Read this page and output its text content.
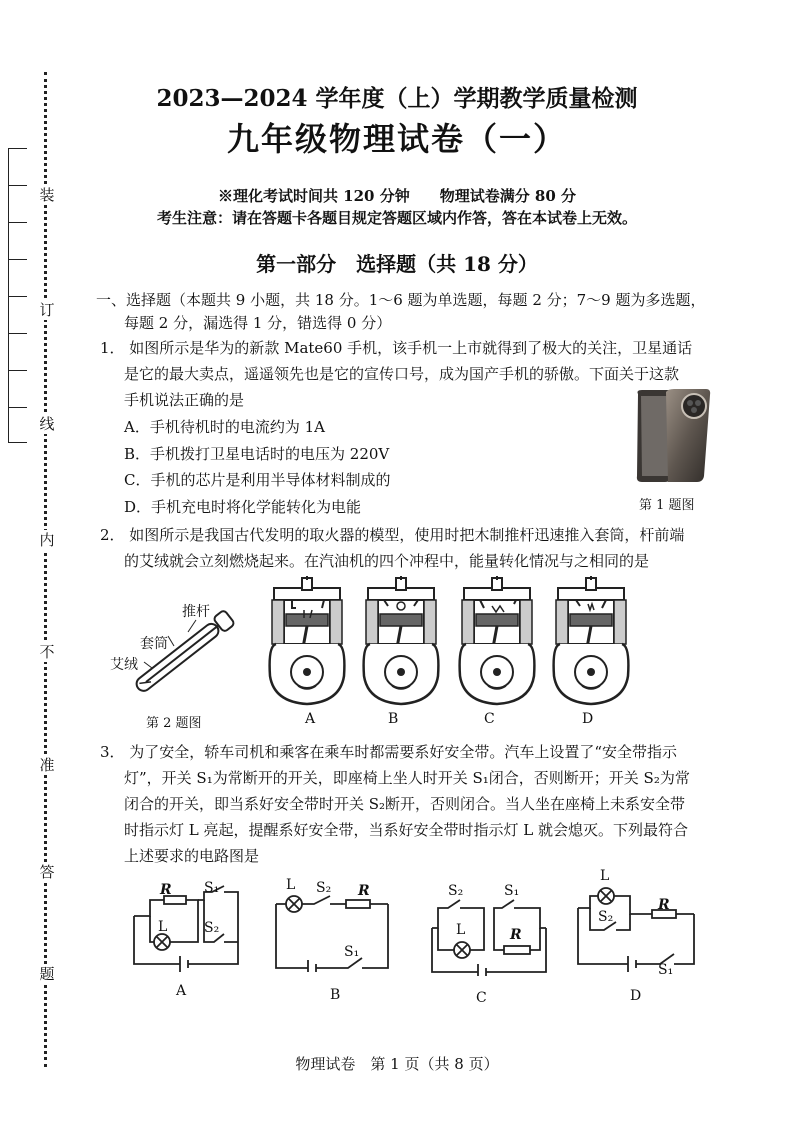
装
订
线
内
不
准
答
题
2023—2024 学年度（上）学期教学质量检测
九年级物理试卷（一）
※理化考试时间共 120 分钟　　物理试卷满分 80 分
考生注意：请在答题卡各题目规定答题区域内作答，答在本试卷上无效。
第一部分　选择题（共 18 分）
一、选择题（本题共 9 小题，共 18 分。1～6 题为单选题，每题 2 分；7～9 题为多选题，
每题 2 分，漏选得 1 分，错选得 0 分）
1． 如图所示是华为的新款 Mate60 手机，该手机一上市就得到了极大的关注，卫星通话
是它的最大卖点，遥遥领先也是它的宣传口号，成为国产手机的骄傲。下面关于这款
手机说法正确的是
A．手机待机时的电流约为 1A
B．手机拨打卫星电话时的电压为 220V
C．手机的芯片是利用半导体材料制成的
D．手机充电时将化学能转化为电能	第 1 题图
2． 如图所示是我国古代发明的取火器的模型，使用时把木制推杆迅速推入套筒，杆前端
的艾绒就会立刻燃烧起来。在汽油机的四个冲程中，能量转化情况与之相同的是
推杆
套筒
艾绒
第 2 题图	A	B	C	D
3． 为了安全，轿车司机和乘客在乘车时都需要系好安全带。汽车上设置了“安全带指示
灯”，开关 S₁为常断开的开关，即座椅上坐人时开关 S₁闭合，否则断开；开关 S₂为常
闭合的开关，即当系好安全带时开关 S₂断开，否则闭合。当人坐在座椅上未系安全带
时指示灯 L 亮起，提醒系好安全带，当系好安全带时指示灯 L 就会熄灭。下列最符合
上述要求的电路图是
R
L
S₁
S₂
A
L S₂ R
S₁
B
S₂	S₁
L	R
C
L
S₂
R
S₁
D
物理试卷　第 1 页（共 8 页）
